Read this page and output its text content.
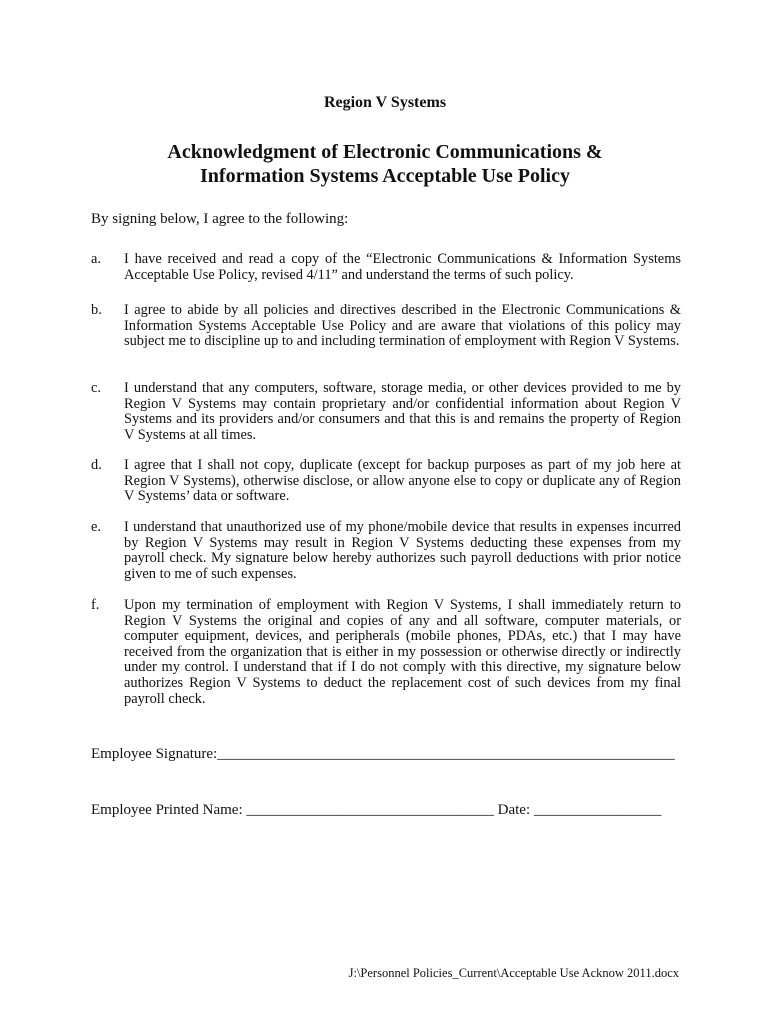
Region V Systems
Acknowledgment of Electronic Communications &
Information Systems Acceptable Use Policy
By signing below, I agree to the following:
a. I have received and read a copy of the “Electronic Communications & Information Systems Acceptable Use Policy, revised 4/11” and understand the terms of such policy.
b. I agree to abide by all policies and directives described in the Electronic Communications & Information Systems Acceptable Use Policy and are aware that violations of this policy may subject me to discipline up to and including termination of employment with Region V Systems.
c. I understand that any computers, software, storage media, or other devices provided to me by Region V Systems may contain proprietary and/or confidential information about Region V Systems and its providers and/or consumers and that this is and remains the property of Region V Systems at all times.
d. I agree that I shall not copy, duplicate (except for backup purposes as part of my job here at Region V Systems), otherwise disclose, or allow anyone else to copy or duplicate any of Region V Systems’ data or software.
e. I understand that unauthorized use of my phone/mobile device that results in expenses incurred by Region V Systems may result in Region V Systems deducting these expenses from my payroll check. My signature below hereby authorizes such payroll deductions with prior notice given to me of such expenses.
f. Upon my termination of employment with Region V Systems, I shall immediately return to Region V Systems the original and copies of any and all software, computer materials, or computer equipment, devices, and peripherals (mobile phones, PDAs, etc.) that I may have received from the organization that is either in my possession or otherwise directly or indirectly under my control. I understand that if I do not comply with this directive, my signature below authorizes Region V Systems to deduct the replacement cost of such devices from my final payroll check.
Employee Signature:_____________________________________________________________
Employee Printed Name: _________________________________ Date: _________________
J:\Personnel Policies_Current\Acceptable Use Acknow 2011.docx
